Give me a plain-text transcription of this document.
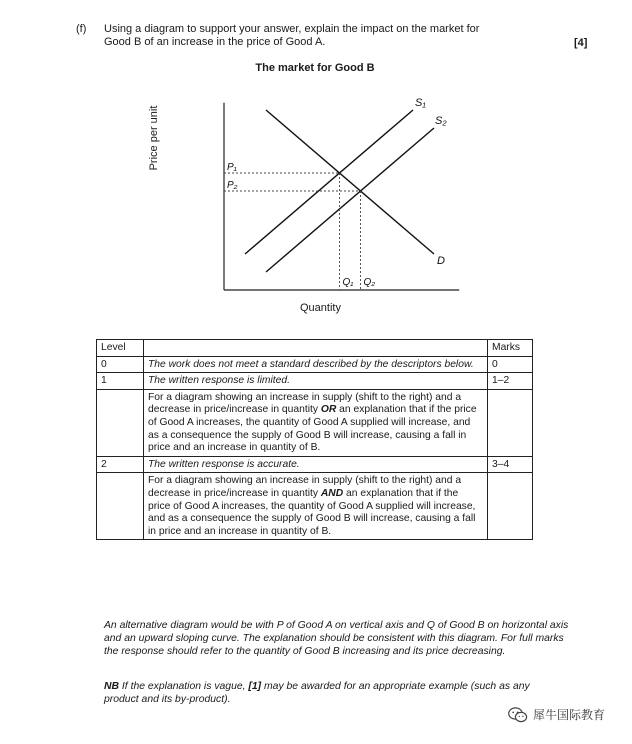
(f) Using a diagram to support your answer, explain the impact on the market for
Good B of an increase in the price of Good A.	[4]
The market for Good B
S₁
S₂
D
P₁
Q₁
P₂
Q₂
Price per unit
Quantity
Level		Marks
0	The work does not meet a standard described by the descriptors below.	0
1	The written response is limited.	1–2
	For a diagram showing an increase in supply (shift to the right) and a decrease in price/increase in quantity OR an explanation that if the price of Good A increases, the quantity of Good A supplied will increase, and as a consequence the supply of Good B will increase, causing a fall in price and an increase in quantity of B.	
2	The written response is accurate.	3–4
	For a diagram showing an increase in supply (shift to the right) and a decrease in price/increase in quantity AND an explanation that if the price of Good A increases, the quantity of Good A supplied will increase, and as a consequence the supply of Good B will increase, causing a fall in price and an increase in quantity of B.	
An alternative diagram would be with P of Good A on vertical axis and Q of Good B on horizontal axis and an upward sloping curve. The explanation should be consistent with this diagram. For full marks the response should refer to the quantity of Good B increasing and its price decreasing.
NB If the explanation is vague, [1] may be awarded for an appropriate example (such as any product and its by-product).
犀牛国际教育
